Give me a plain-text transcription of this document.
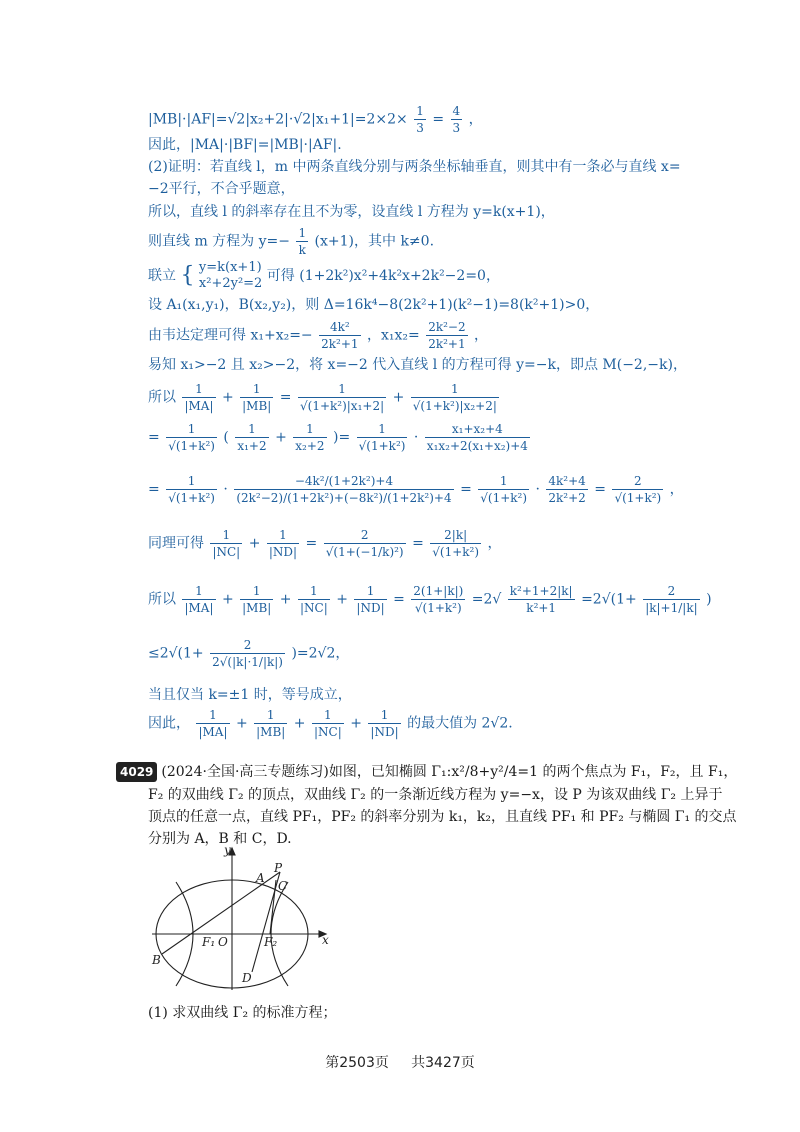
$|MB|\cdot|AF|=√2|x_2+2|\cdot√2|x_1+1|=2\times 2\times \frac{1}{3} = \frac{4}{3}$ ，
因此，|MA|·|BF|=|MB|·|AF|.
(2)证明：若直线 l，m 中两条直线分别与两条坐标轴垂直，则其中有一条必与直线 x=
−2平行，不合乎题意，
所以，直线 l 的斜率存在且不为零，设直线 l 方程为 y=k(x+1)，
则直线 m 方程为 $y=- \frac{1}{k} (x+1)$，其中 k≠0.
联立 { y=k(x+1)
x²+2y²=2 可得 (1+2k²)x²+4k²x+2k²−2=0，
设 A₁(x₁,y₁)，B(x₂,y₂)，则 Δ=16k⁴−8(2k²+1)(k²−1)=8(k²+1)>0，
由韦达定理可得 $x_1+x_2=- \frac{\text{4k²}}{\text{2k²+1}}$ ，$x_1x_2= \frac{\text{2k²−2}}{\text{2k²+1}}$ ，
易知 x₁>−2 且 x₂>−2，将 x=−2 代入直线 l 的方程可得 y=−k，即点 M(−2,−k)，
所以 $\frac{1}{|MA|} + \frac{1}{|MB|} = \frac{1}{\text{√(1+k²)|x₁+2|}} + \frac{1}{\text{√(1+k²)|x₂+2|}}$
= $\frac{1}{\text{√(1+k²)}}$ ( $\frac{1}{\text{x₁+2}} + \frac{1}{\text{x₂+2}}$ )= $\frac{1}{\text{√(1+k²)}} \cdot \frac{\text{x₁+x₂+4}}{\text{x₁x₂+2(x₁+x₂)+4}}$
= $\frac{1}{\text{√(1+k²)}} \cdot \frac{\text{−4k²/(1+2k²)+4}}{\text{(2k²−2)/(1+2k²)+(−8k²)/(1+2k²)+4}} = \frac{1}{\text{√(1+k²)}} \cdot \frac{\text{4k²+4}}{\text{2k²+2}} = \frac{2}{\text{√(1+k²)}}$ ，
同理可得 $\frac{1}{|NC|} + \frac{1}{|ND|} = \frac{2}{\text{√(1+(−1/k)²)}} = \frac{2|k|}{\text{√(1+k²)}}$ ，
所以 $\frac{1}{|MA|} + \frac{1}{|MB|} + \frac{1}{|NC|} + \frac{1}{|ND|} = \frac{2(1+|k|)}{\text{√(1+k²)}} =2√ \frac{\text{k²+1+2|k|}}{\text{k²+1}} =2√(1+ \frac{2}{|k|+1/|k|}$ )
$\le 2√(1+ \frac{2}{2√(|k|\cdot 1/|k|)} )=2√2$，
当且仅当 k=±1 时，等号成立，
因此， $\frac{1}{|MA|} + \frac{1}{|MB|} + \frac{1}{|NC|} + \frac{1}{|ND|}$ 的最大值为 2√2.
4029 (2024·全国·高三专题练习)如图，已知椭圆 Γ₁:x²/8+y²/4=1 的两个焦点为 F₁，F₂，且 F₁，
F₂ 的双曲线 Γ₂ 的顶点，双曲线 Γ₂ 的一条渐近线方程为 y=−x，设 P 为该双曲线 Γ₂ 上异于
顶点的任意一点，直线 PF₁，PF₂ 的斜率分别为 k₁，k₂，且直线 PF₁ 和 PF₂ 与椭圆 Γ₁ 的交点
分别为 A，B 和 C，D.
y
x
P
A
C
F₁ O	F₂
B
D
(1) 求双曲线 Γ₂ 的标准方程；
第2503页 共3427页
